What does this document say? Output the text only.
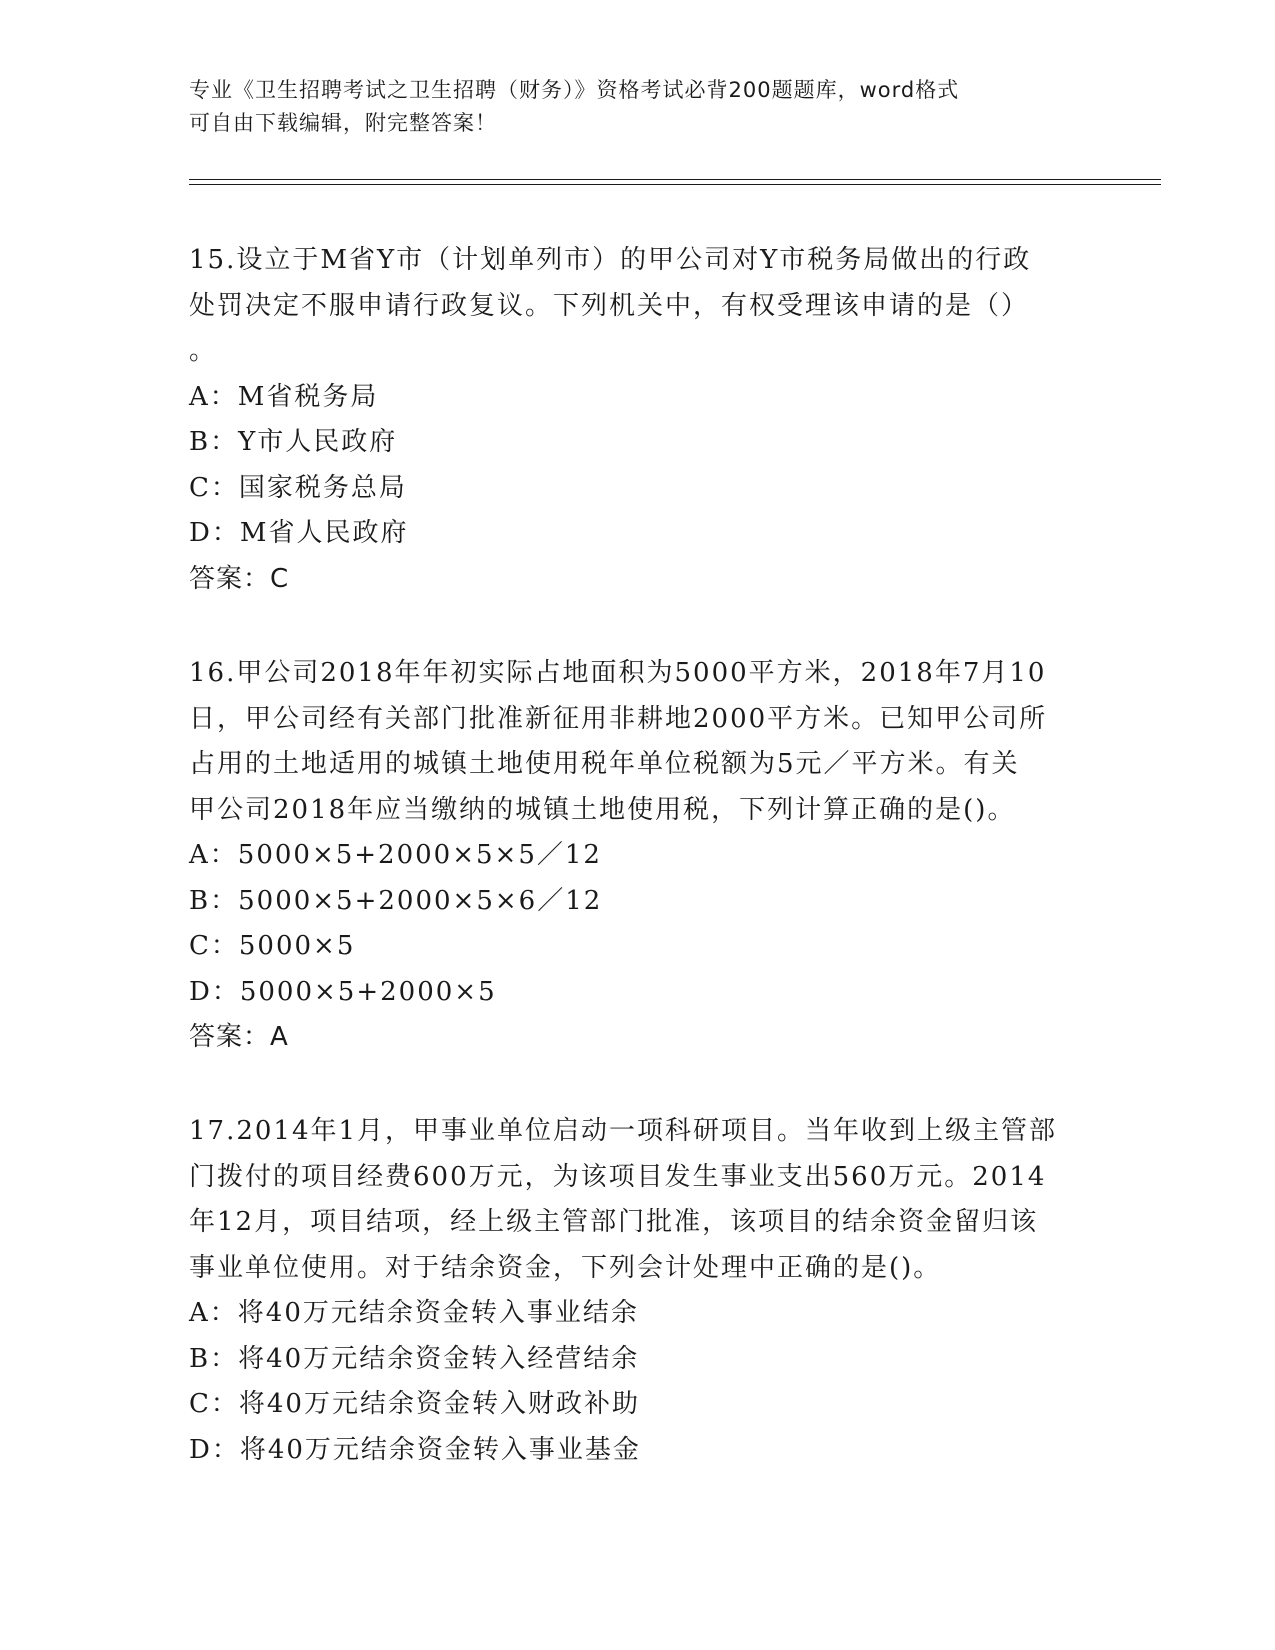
专业《卫生招聘考试之卫生招聘（财务）》资格考试必背200题题库，word格式
可自由下载编辑，附完整答案！

15.设立于M省Y市（计划单列市）的甲公司对Y市税务局做出的行政

处罚决定不服申请行政复议。下列机关中，有权受理该申请的是（）

。

A：M省税务局

B：Y市人民政府

C：国家税务总局

D：M省人民政府

答案：C

16.甲公司2018年年初实际占地面积为5000平方米，2018年7月10

日，甲公司经有关部门批准新征用非耕地2000平方米。已知甲公司所

占用的土地适用的城镇土地使用税年单位税额为5元／平方米。有关

甲公司2018年应当缴纳的城镇土地使用税，下列计算正确的是()。

A：5000×5+2000×5×5／12

B：5000×5+2000×5×6／12

C：5000×5

D：5000×5+2000×5

答案：A

17.2014年1月，甲事业单位启动一项科研项目。当年收到上级主管部

门拨付的项目经费600万元，为该项目发生事业支出560万元。2014

年12月，项目结项，经上级主管部门批准，该项目的结余资金留归该

事业单位使用。对于结余资金，下列会计处理中正确的是()。

A：将40万元结余资金转入事业结余

B：将40万元结余资金转入经营结余

C：将40万元结余资金转入财政补助

D：将40万元结余资金转入事业基金
